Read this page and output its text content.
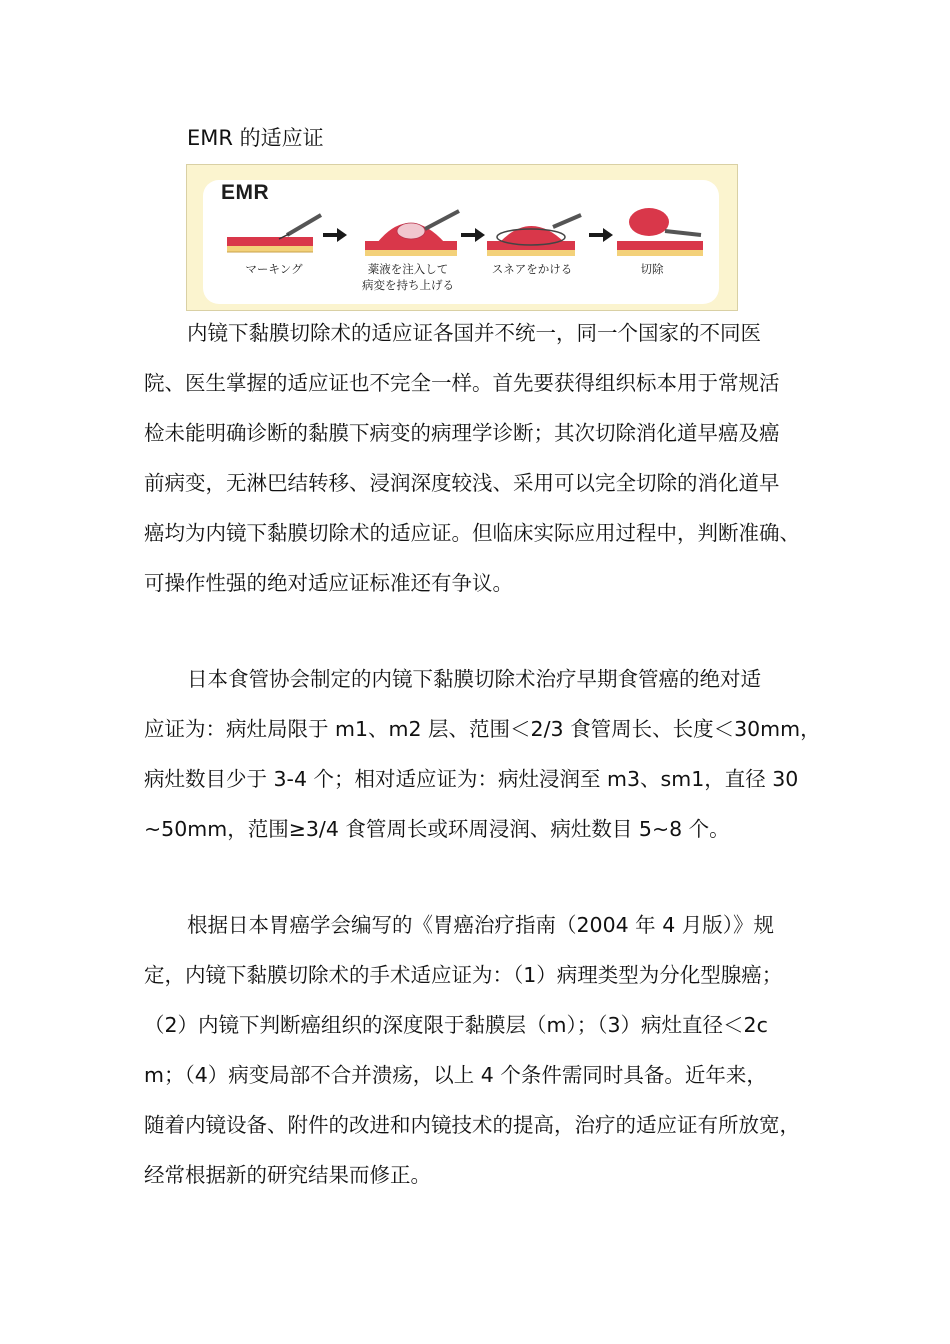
EMR 的适应证
EMR
マーキング	薬液を注入して
病変を持ち上げる
スネアをかける	切除
内镜下黏膜切除术的适应证各国并不统一，同一个国家的不同医
院、医生掌握的适应证也不完全一样。首先要获得组织标本用于常规活
检未能明确诊断的黏膜下病变的病理学诊断；其次切除消化道早癌及癌
前病变，无淋巴结转移、浸润深度较浅、采用可以完全切除的消化道早
癌均为内镜下黏膜切除术的适应证。但临床实际应用过程中，判断准确、
可操作性强的绝对适应证标准还有争议。
日本食管协会制定的内镜下黏膜切除术治疗早期食管癌的绝对适
应证为：病灶局限于 m1、m2 层、范围＜2/3 食管周长、长度＜30mm，
病灶数目少于 3-4 个；相对适应证为：病灶浸润至 m3、sm1，直径 30
~50mm，范围≥3/4 食管周长或环周浸润、病灶数目 5~8 个。
根据日本胃癌学会编写的《胃癌治疗指南（2004 年 4 月版）》规
定，内镜下黏膜切除术的手术适应证为：（1）病理类型为分化型腺癌；
（2）内镜下判断癌组织的深度限于黏膜层（m）；（3）病灶直径＜2c
m；（4）病变局部不合并溃疡，以上 4 个条件需同时具备。近年来，
随着内镜设备、附件的改进和内镜技术的提高，治疗的适应证有所放宽，
经常根据新的研究结果而修正。
